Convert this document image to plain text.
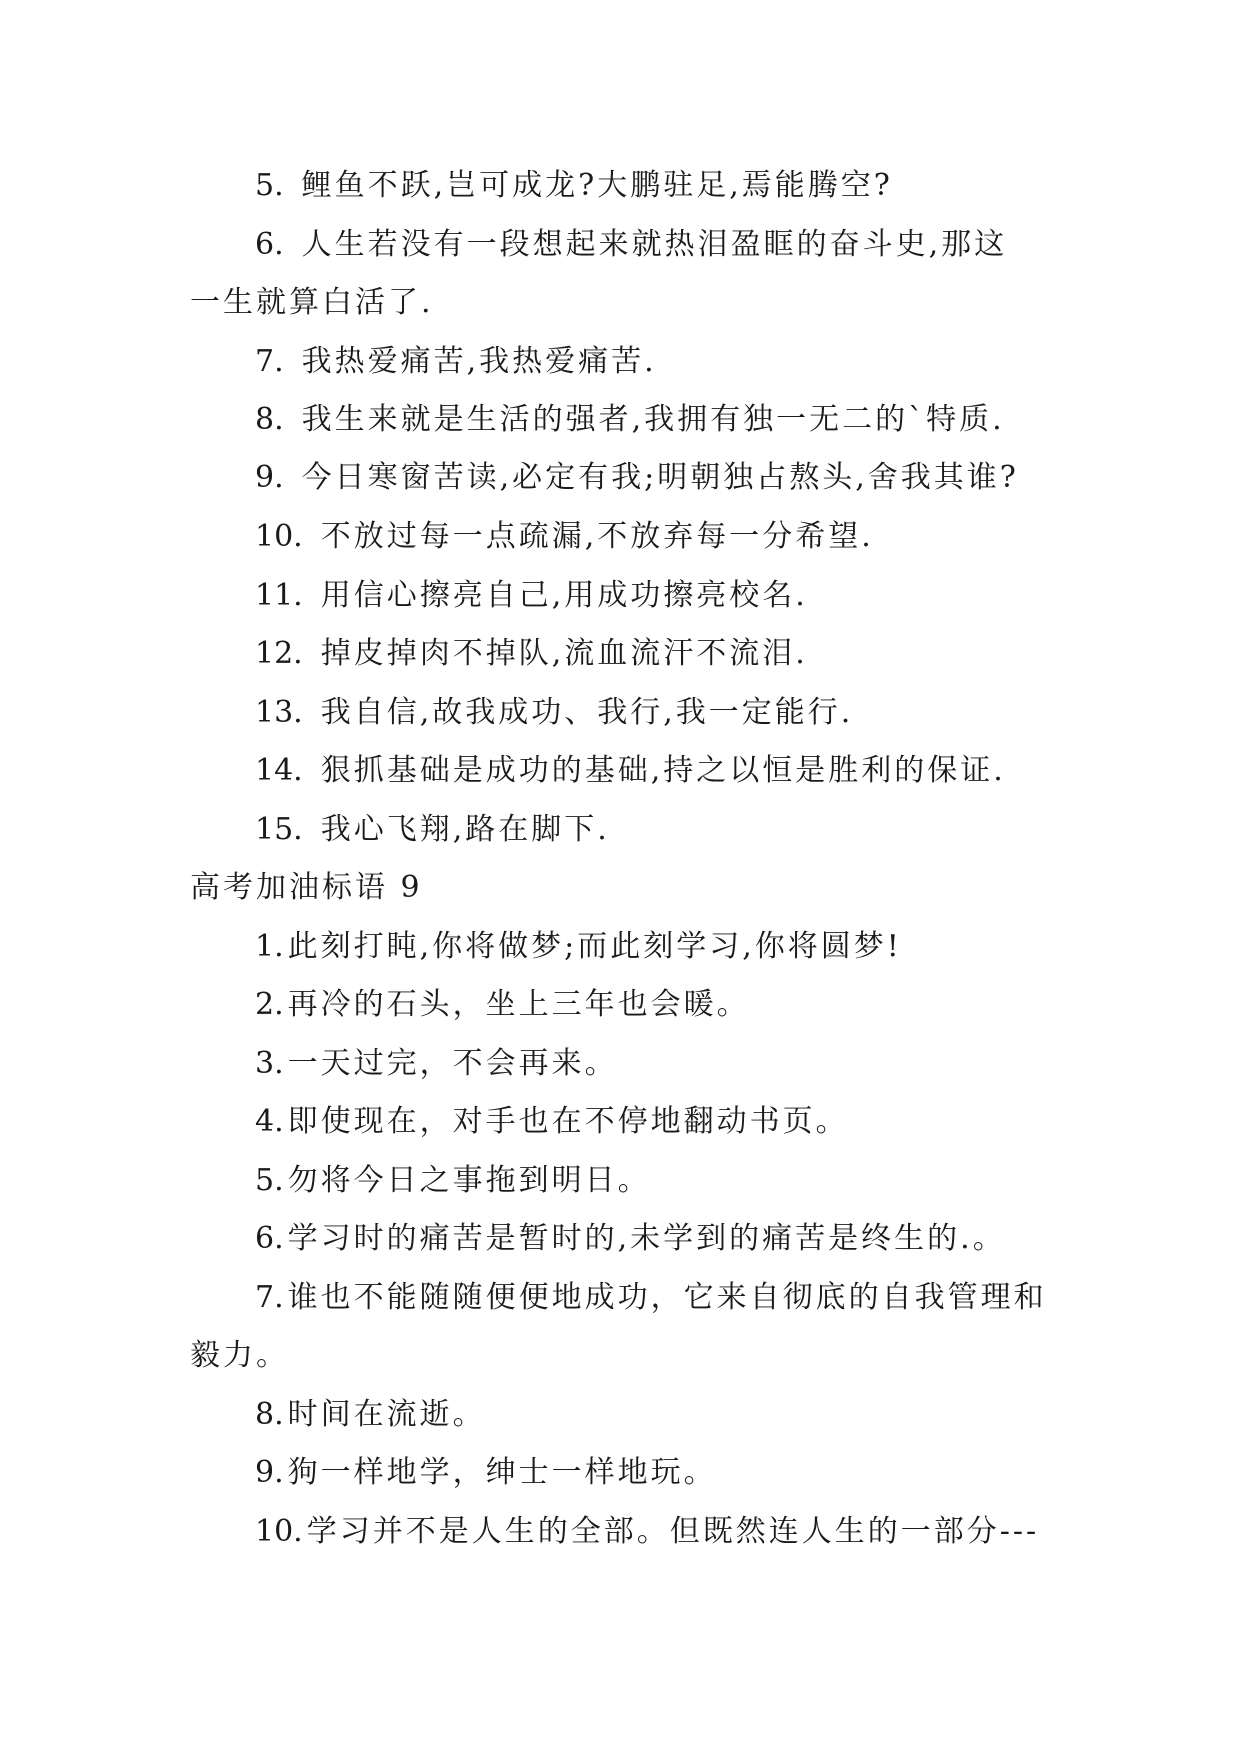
5. 鲤鱼不跃,岂可成龙?大鹏驻足,焉能腾空?
6. 人生若没有一段想起来就热泪盈眶的奋斗史,那这
一生就算白活了.
7. 我热爱痛苦,我热爱痛苦.
8. 我生来就是生活的强者,我拥有独一无二的`特质.
9. 今日寒窗苦读,必定有我;明朝独占熬头,舍我其谁?
10. 不放过每一点疏漏,不放弃每一分希望.
11. 用信心擦亮自己,用成功擦亮校名.
12. 掉皮掉肉不掉队,流血流汗不流泪.
13. 我自信,故我成功、我行,我一定能行.
14. 狠抓基础是成功的基础,持之以恒是胜利的保证.
15. 我心飞翔,路在脚下.
高考加油标语 9
1. 此刻打盹,你将做梦;而此刻学习,你将圆梦!
2. 再冷的石头，坐上三年也会暖。
3. 一天过完，不会再来。
4. 即使现在，对手也在不停地翻动书页。
5. 勿将今日之事拖到明日。
6. 学习时的痛苦是暂时的,未学到的痛苦是终生的.。
7. 谁也不能随随便便地成功，它来自彻底的自我管理和
毅力。
8. 时间在流逝。
9. 狗一样地学，绅士一样地玩。
10. 学习并不是人生的全部。但既然连人生的一部分---
